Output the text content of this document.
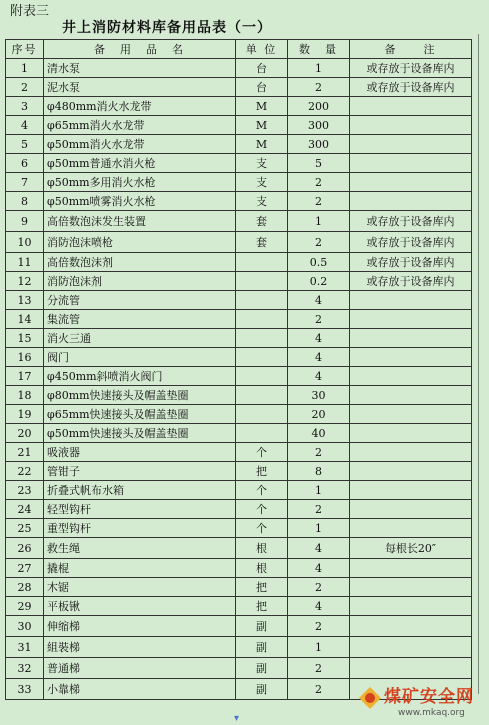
附表三
井上消防材料库备用品表（一）
序号	备　用　品　名	单 位	数　量	备　　注
1	清水泵	台	1	或存放于设备库内
2	泥水泵	台	2	或存放于设备库内
3	φ480mm消火水龙带	M	200	
4	φ65mm消火水龙带	M	300	
5	φ50mm消火水龙带	M	300	
6	φ50mm普通水消火枪	支	5	
7	φ50mm多用消火水枪	支	2	
8	φ50mm喷雾消火水枪	支	2	
9	高倍数泡沫发生装置	套	1	或存放于设备库内
10	消防泡沫喷枪	套	2	或存放于设备库内
11	高倍数泡沫剂		0.5	或存放于设备库内
12	消防泡沫剂		0.2	或存放于设备库内
13	分流管		4	
14	集流管		2	
15	消火三通		4	
16	阀门		4	
17	φ450mm斜喷消火阀门		4	
18	φ80mm快速接头及帽盖垫圈		30	
19	φ65mm快速接头及帽盖垫圈		20	
20	φ50mm快速接头及帽盖垫圈		40	
21	吸液器	个	2	
22	管钳子	把	8	
23	折叠式帆布水箱	个	1	
24	轻型钩杆	个	2	
25	重型钩杆	个	1	
26	救生绳	根	4	每根长20″
27	撬棍	根	4	
28	木锯	把	2	
29	平板锹	把	4	
30	伸缩梯	副	2	
31	組裝梯	副	1	
32	普通梯	副	2	
33	小靠梯	副	2	
▾
煤矿安全网
www.mkaq.org
